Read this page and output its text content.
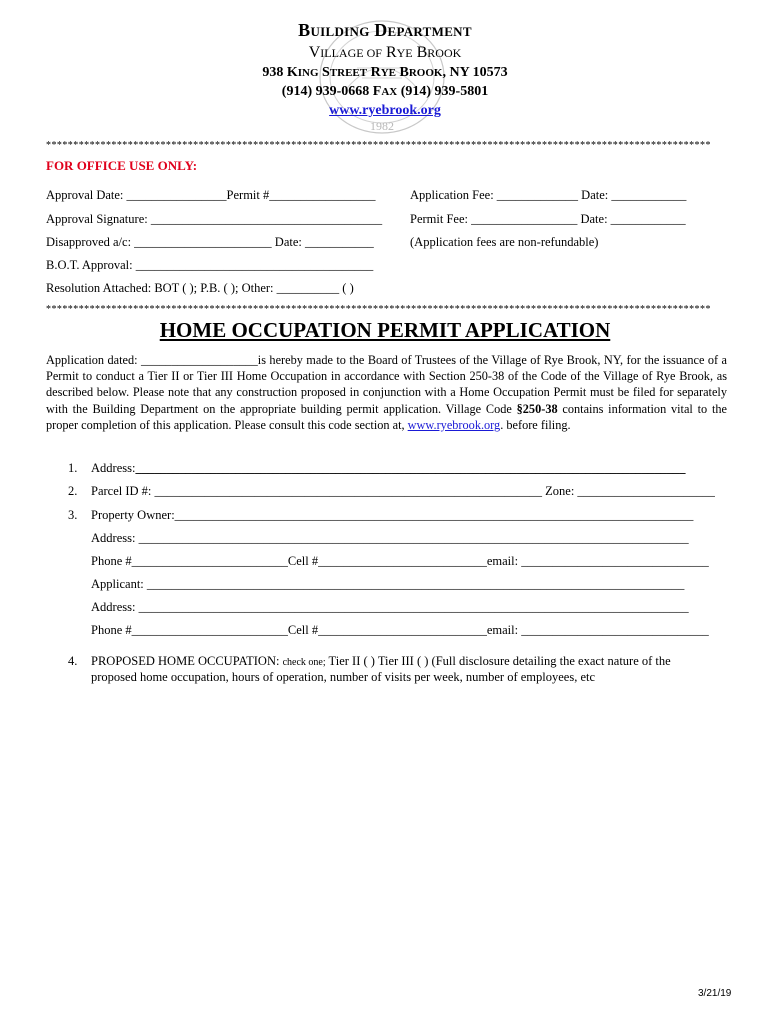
1982
BUILDING DEPARTMENT
VILLAGE OF RYE BROOK
938 KING STREET RYE BROOK, NY 10573
(914) 939-0668 FAX (914) 939-5801
www.ryebrook.org
**************************************************************************************************************************
FOR OFFICE USE ONLY:
Approval Date: ________________Permit #_________________	Application Fee: _____________ Date: ____________
Approval Signature: _____________________________________ Permit Fee: _________________ Date: ____________
Disapproved a/c: ______________________ Date: ___________	(Application fees are non-refundable)
B.O.T. Approval: ______________________________________
Resolution Attached: BOT ( ); P.B. ( ); Other: __________ ( )
**************************************************************************************************************************
HOME OCCUPATION PERMIT APPLICATION
Application dated: ___________________is hereby made to the Board of Trustees of the Village of Rye Brook, NY, for the issuance of a Permit to conduct a Tier II or Tier III Home Occupation in accordance with Section 250-38 of the Code of the Village of Rye Brook, as described below. Please note that any construction proposed in conjunction with a Home Occupation Permit must be filed for separately with the Building Department on the appropriate building permit application. Village Code §250-38 contains information vital to the proper completion of this application. Please consult this code section at, www.ryebrook.org. before filing.
1. Address:________________________________________________________________________________________
2. Parcel ID #: ______________________________________________________________ Zone: ______________________
3. Property Owner:___________________________________________________________________________________
Address: ________________________________________________________________________________________
Phone #_________________________Cell #___________________________email: ______________________________
Applicant: ______________________________________________________________________________________
Address: ________________________________________________________________________________________
Phone #_________________________Cell #___________________________email: ______________________________
4. PROPOSED HOME OCCUPATION: check one; Tier II ( ) Tier III ( ) (Full disclosure detailing the exact nature of the
proposed home occupation, hours of operation, number of visits per week, number of employees, etc
3/21/19
